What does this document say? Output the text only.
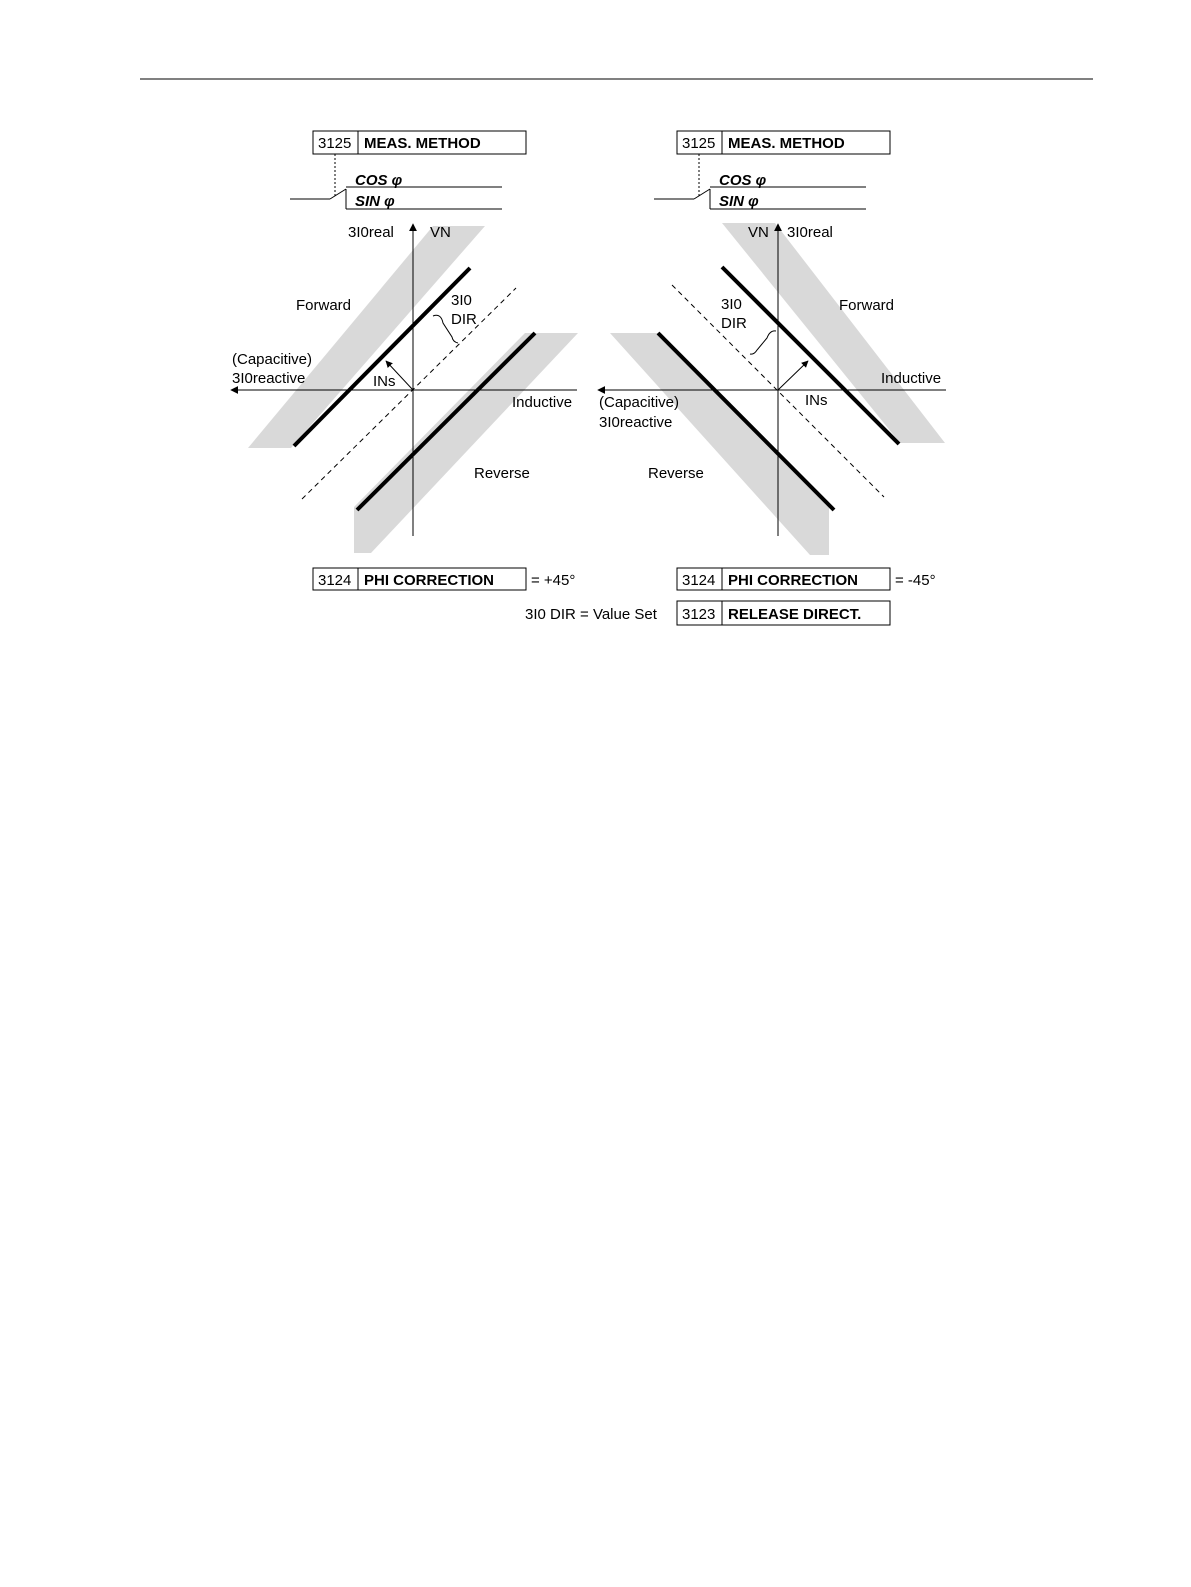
3I0real VN
Forward	3I0
DIR
(Capacitive)
3I0reactive	INs
Inductive
Reverse
3125 MEAS. METHOD
COS φ
SIN φ
3124 PHI CORRECTION = +45°
VN 3I0real
3I0
DIR
Forward
Inductive
(Capacitive)
3I0reactive
INs
Reverse
3125 MEAS. METHOD
COS φ
SIN φ
3124 PHI CORRECTION = -45°
3123 RELEASE DIRECT.
3I0 DIR = Value Set
